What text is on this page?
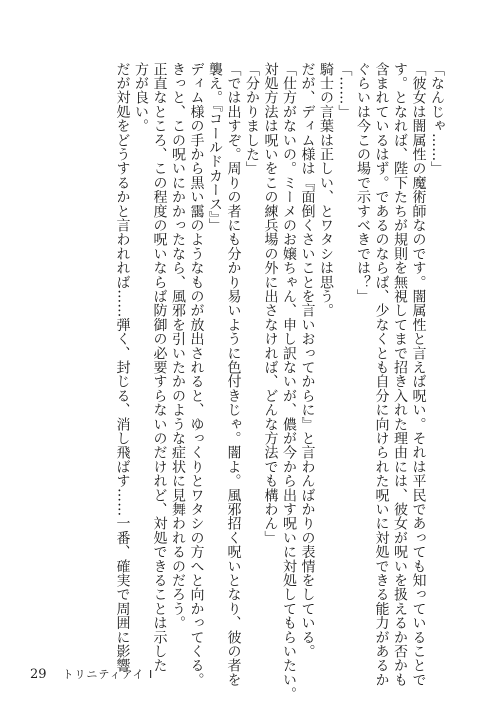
「なんじゃ……」

「彼女は闇属性の魔術師なのです。闇属性と言えば呪い。それは平民であっても知っていることで

す。となれば、陛下たちが規則を無視してまで招き入れた理由には、彼女が呪いを扱えるか否かも

含まれているはず。であるのならば、少なくとも自分に向けられた呪いに対処できる能力があるか

ぐらいは今この場で示すべきでは？」

「……」

騎士の言葉は正しい、とワタシは思う。

だが、ディム様は『面倒くさいことを言いおってからに』と言わんばかりの表情をしている。

「仕方がないの。ミーメのお嬢ちゃん、申し訳ないが、儂が今から出す呪いに対処してもらいたい。

対処方法は呪いをこの練兵場の外に出さなければ、どんな方法でも構わん」

「分かりました」

「では出すぞ。周りの者にも分かり易いように色付きじゃ。闇よ。風邪招く呪いとなり、彼の者を

襲え。『コールドカース』」

ディム様の手から黒い靄のようなものが放出されると、ゆっくりとワタシの方へと向かってくる。

きっと、この呪いにかかったなら、風邪を引いたかのような症状に見舞われるのだろう。

正直なところ、この程度の呪いならば防御の必要すらないのだけれど、対処できることは示した

方が良い。

だが対処をどうするかと言われれば……弾く、封じる、消し飛ばす……一番、確実で周囲に影響

29 トリニティアイ Ⅰ
